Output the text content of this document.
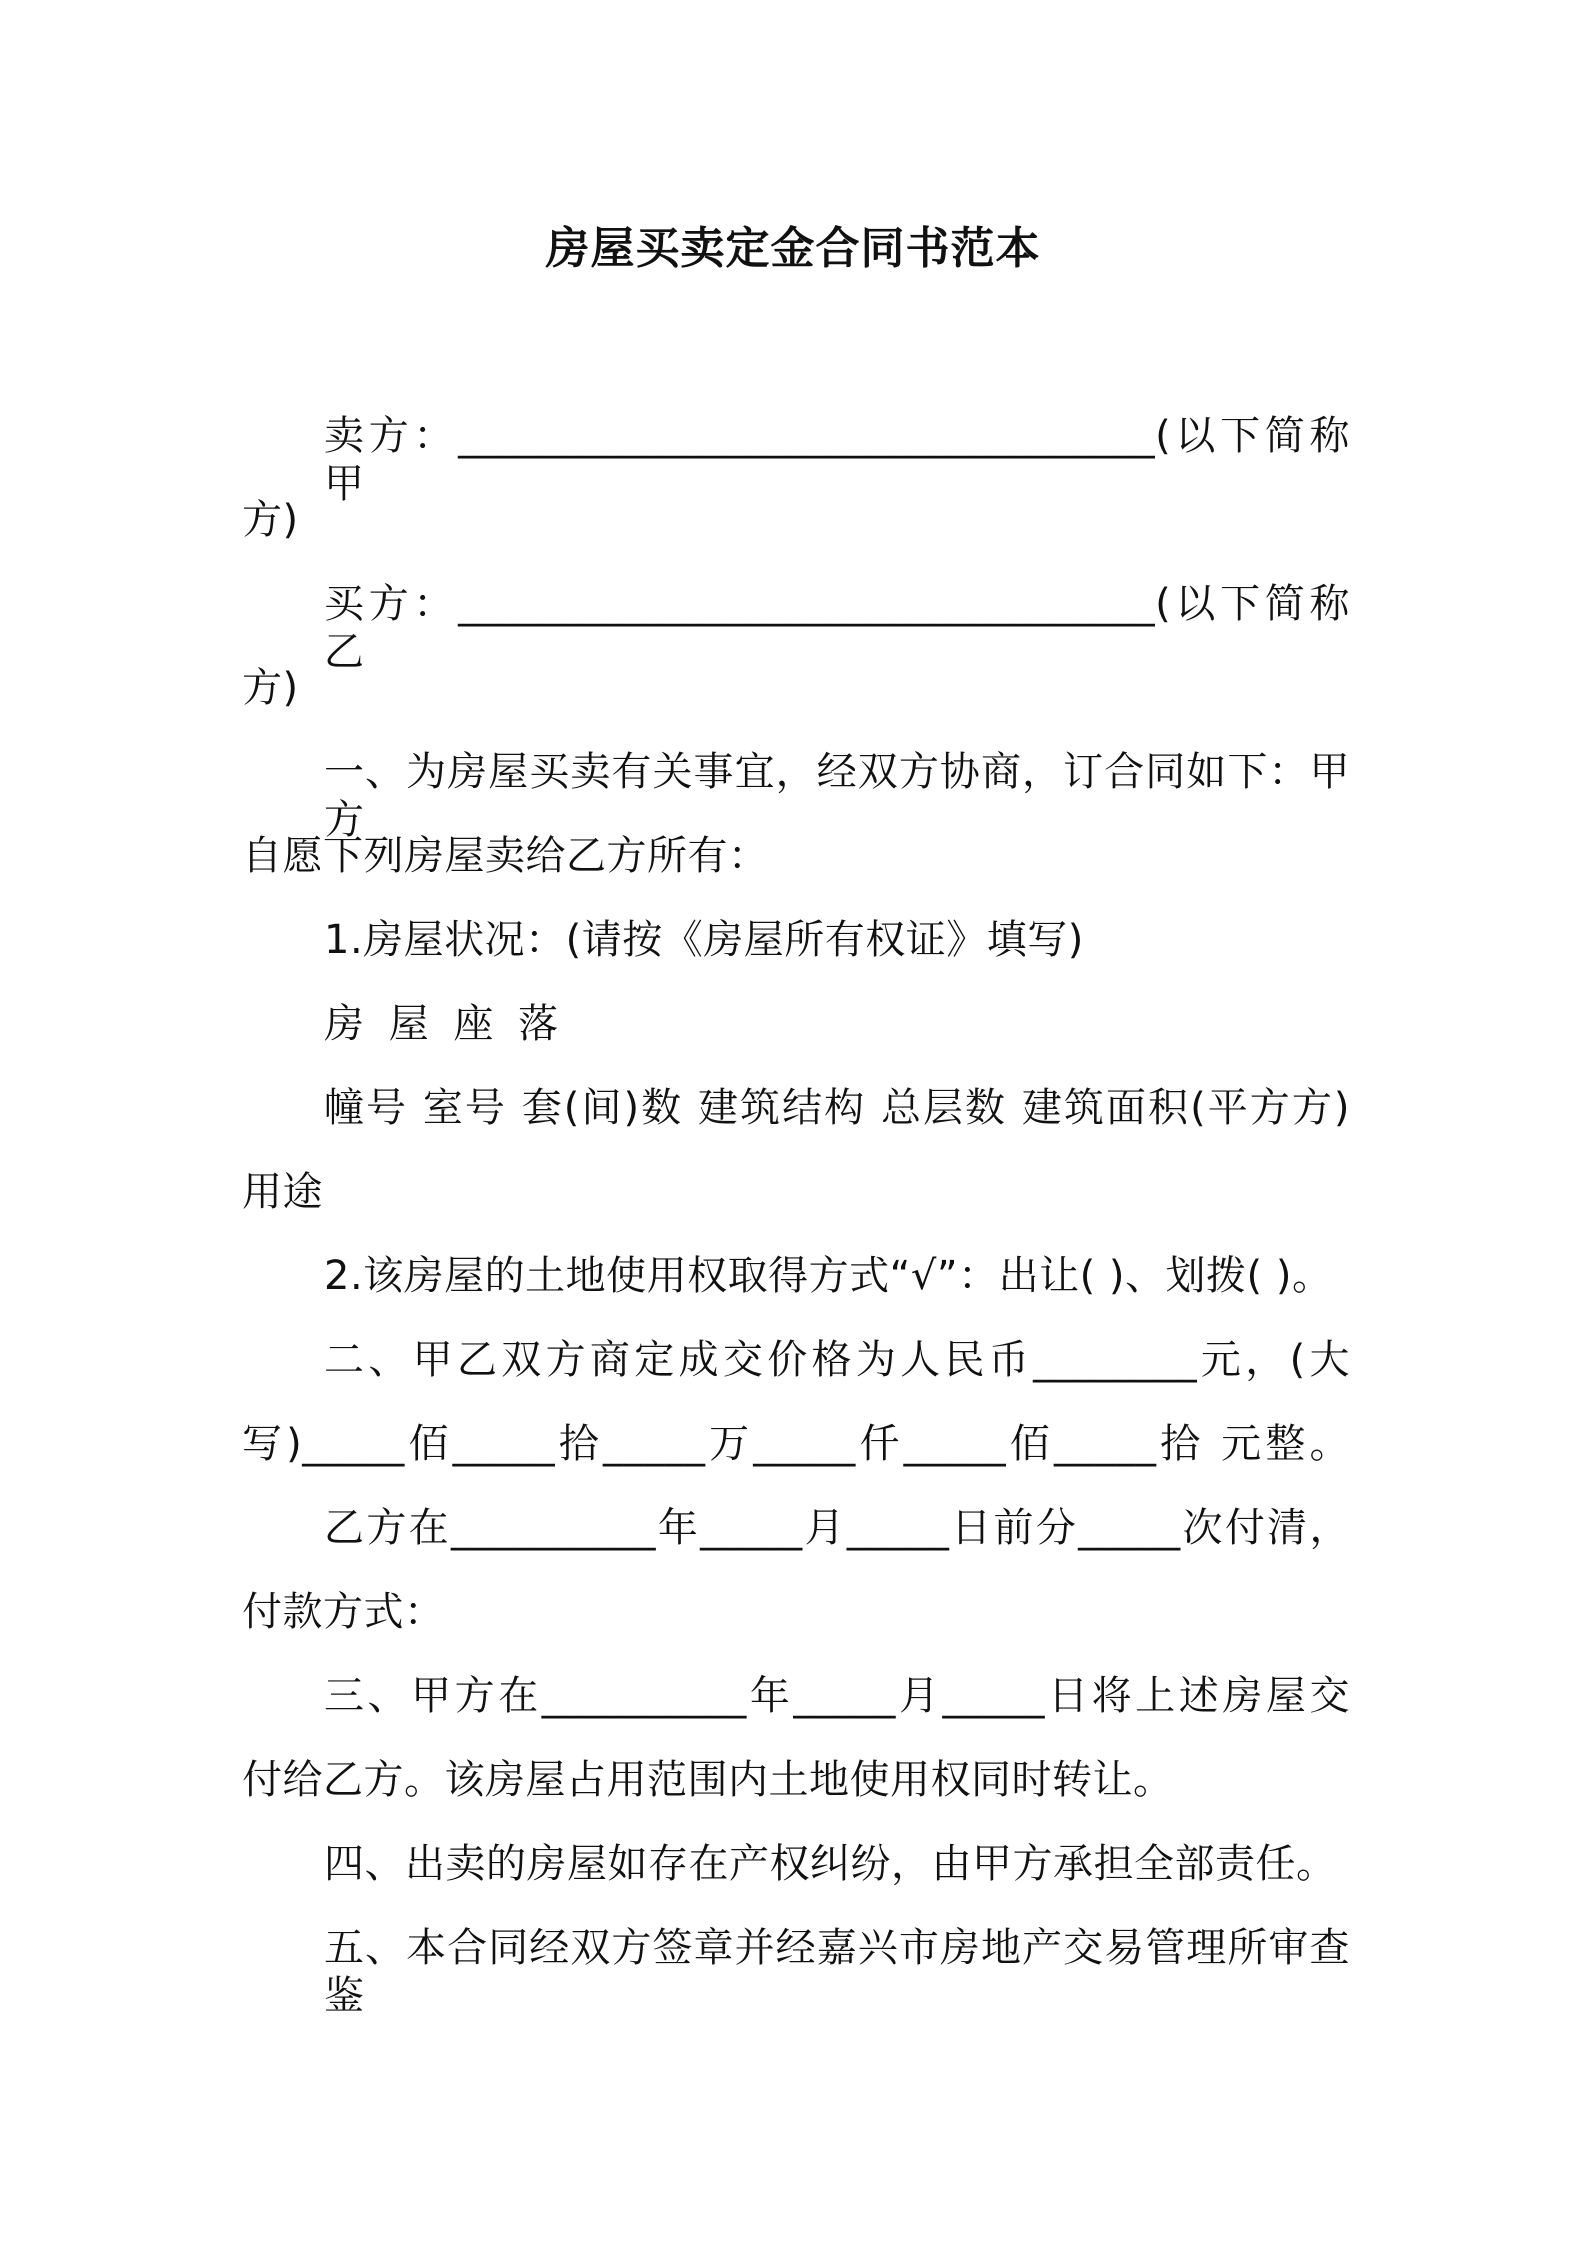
房屋买卖定金合同书范本
卖方：__________________________________(以下简称甲
方)
买方：__________________________________(以下简称乙
方)
一、为房屋买卖有关事宜，经双方协商，订合同如下：甲方
自愿下列房屋卖给乙方所有：
1.房屋状况：(请按《房屋所有权证》填写)
房 屋 座 落
幢号 室号 套(间)数 建筑结构 总层数 建筑面积(平方方)
用途
2.该房屋的土地使用权取得方式“√”：出让( )、划拨( )。
二、甲乙双方商定成交价格为人民币________元，(大
写)_____佰_____拾_____万_____仟_____佰_____拾 元整。
乙方在__________年_____月_____日前分_____次付清，
付款方式：
三、甲方在__________年_____月_____日将上述房屋交
付给乙方。该房屋占用范围内土地使用权同时转让。
四、出卖的房屋如存在产权纠纷，由甲方承担全部责任。
五、本合同经双方签章并经嘉兴市房地产交易管理所审查鉴
